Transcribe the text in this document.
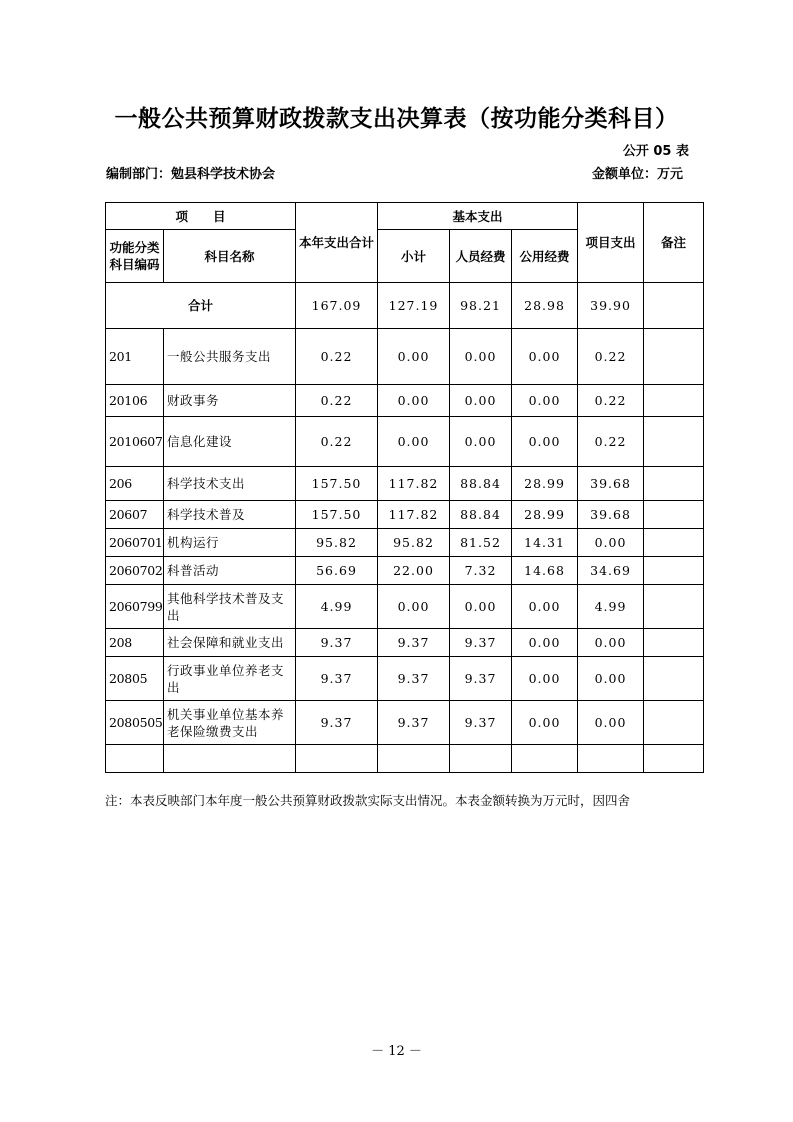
一般公共预算财政拨款支出决算表（按功能分类科目）
公开 05 表
编制部门：勉县科学技术协会	金额单位：万元
项　　目		本年支出合计	基本支出			项目支出	备注
功能分类科目编码	科目名称		小计	人员经费	公用经费		
合计		167.09	127.19	98.21	28.98	39.90	
201	一般公共服务支出	0.22	0.00	0.00	0.00	0.22	
20106	财政事务	0.22	0.00	0.00	0.00	0.22	
2010607	信息化建设	0.22	0.00	0.00	0.00	0.22	
206	科学技术支出	157.50	117.82	88.84	28.99	39.68	
20607	科学技术普及	157.50	117.82	88.84	28.99	39.68	
2060701	机构运行	95.82	95.82	81.52	14.31	0.00	
2060702	科普活动	56.69	22.00	7.32	14.68	34.69	
2060799	其他科学技术普及支出	4.99	0.00	0.00	0.00	4.99	
208	社会保障和就业支出	9.37	9.37	9.37	0.00	0.00	
20805	行政事业单位养老支出	9.37	9.37	9.37	0.00	0.00	
2080505	机关事业单位基本养老保险缴费支出	9.37	9.37	9.37	0.00	0.00	

注：本表反映部门本年度一般公共预算财政拨款实际支出情况。本表金额转换为万元时，因四舍
－ 12 －
